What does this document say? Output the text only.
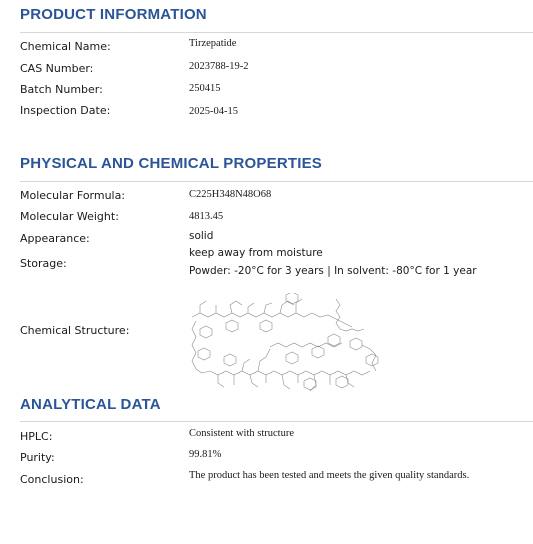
PRODUCT INFORMATION
Chemical Name:	Tirzepatide
CAS Number:	2023788-19-2
Batch Number:	250415
Inspection Date:	2025-04-15
PHYSICAL AND CHEMICAL PROPERTIES
Molecular Formula:	C225H348N48O68
Molecular Weight:	4813.45
Appearance:	solid
Storage:
keep away from moisture
Powder: -20°C for 3 years | In solvent: -80°C for 1 year
Chemical Structure:
ANALYTICAL DATA
HPLC:	Consistent with structure
Purity:	99.81%
Conclusion:	The product has been tested and meets the given quality standards.
